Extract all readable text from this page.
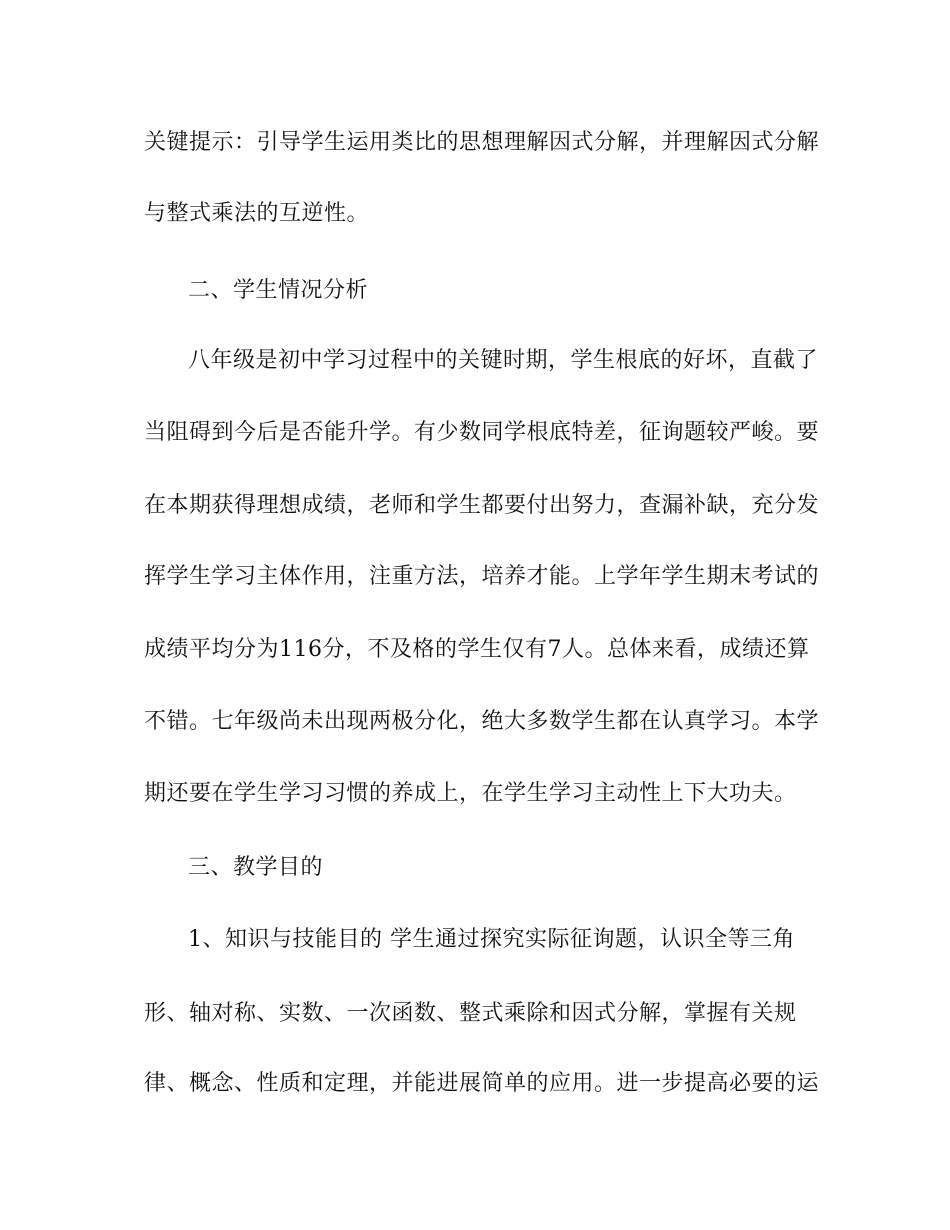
关键提示：引导学生运用类比的思想理解因式分解，并理解因式分解
与整式乘法的互逆性。
二、学生情况分析
八年级是初中学习过程中的关键时期，学生根底的好坏，直截了
当阻碍到今后是否能升学。有少数同学根底特差，征询题较严峻。要
在本期获得理想成绩，老师和学生都要付出努力，查漏补缺，充分发
挥学生学习主体作用，注重方法，培养才能。上学年学生期末考试的
成绩平均分为116分，不及格的学生仅有7人。总体来看，成绩还算
不错。七年级尚未出现两极分化，绝大多数学生都在认真学习。本学
期还要在学生学习习惯的养成上，在学生学习主动性上下大功夫。
三、教学目的
1、知识与技能目的 学生通过探究实际征询题，认识全等三角
形、轴对称、实数、一次函数、整式乘除和因式分解，掌握有关规
律、概念、性质和定理，并能进展简单的应用。进一步提高必要的运
